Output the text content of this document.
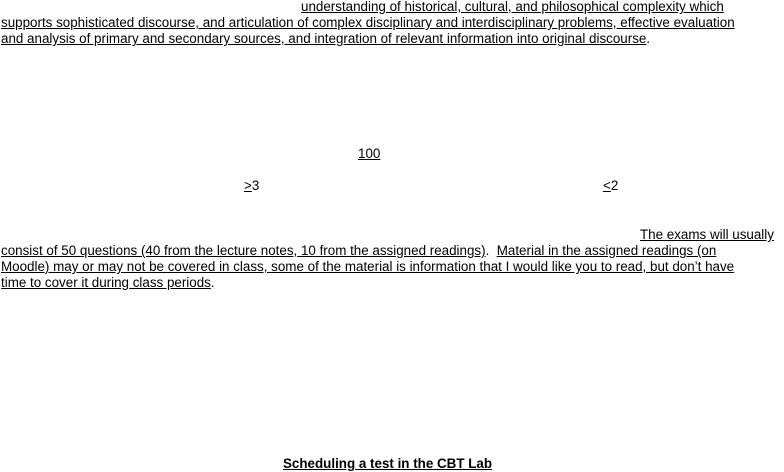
understanding of historical, cultural, and philosophical complexity which
supports sophisticated discourse, and articulation of complex disciplinary and interdisciplinary problems, effective evaluation
and analysis of primary and secondary sources, and integration of relevant information into original discourse.
100
>3	<2
The exams will usually
consist of 50 questions (40 from the lecture notes, 10 from the assigned readings).  Material in the assigned readings (on
Moodle) may or may not be covered in class, some of the material is information that I would like you to read, but don’t have
time to cover it during class periods.
Scheduling a test in the CBT Lab
